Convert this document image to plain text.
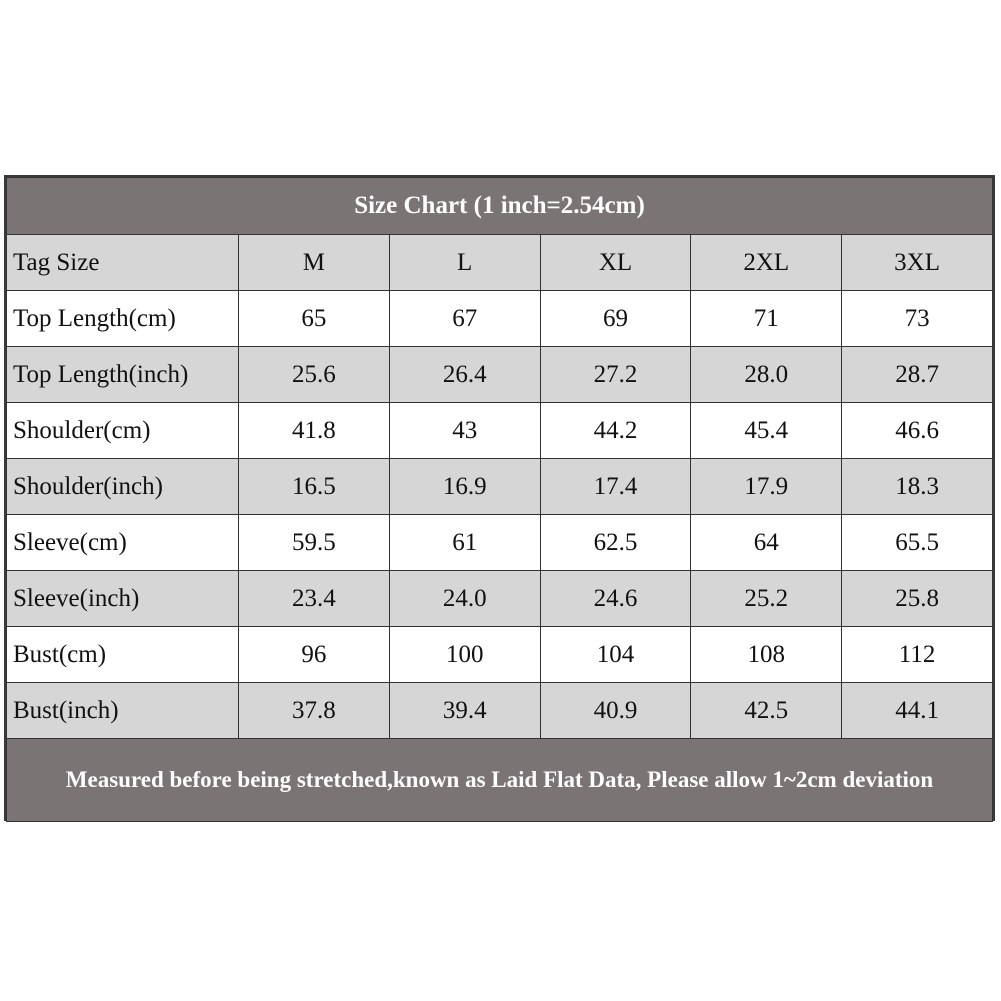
Size Chart (1 inch=2.54cm)					
Tag Size	M	L	XL	2XL	3XL
Top Length(cm)	65	67	69	71	73
Top Length(inch)	25.6	26.4	27.2	28.0	28.7
Shoulder(cm)	41.8	43	44.2	45.4	46.6
Shoulder(inch)	16.5	16.9	17.4	17.9	18.3
Sleeve(cm)	59.5	61	62.5	64	65.5
Sleeve(inch)	23.4	24.0	24.6	25.2	25.8
Bust(cm)	96	100	104	108	112
Bust(inch)	37.8	39.4	40.9	42.5	44.1
Measured before being stretched,known as Laid Flat Data, Please allow 1~2cm deviation					
